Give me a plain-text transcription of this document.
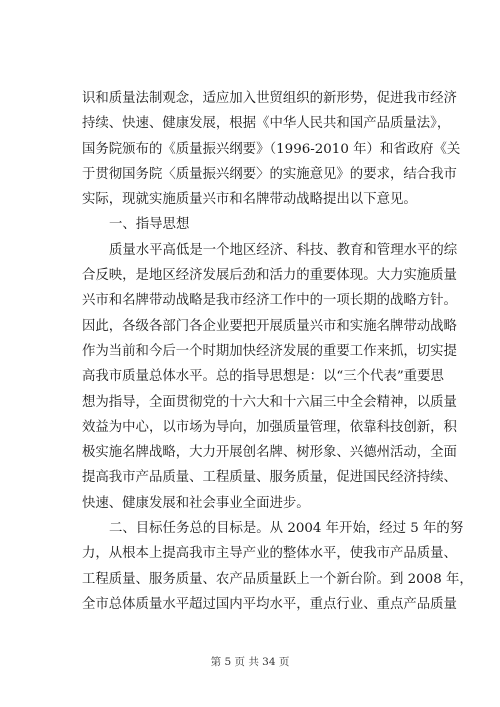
识和质量法制观念，适应加入世贸组织的新形势，促进我市经济
持续、快速、健康发展，根据《中华人民共和国产品质量法》，
国务院颁布的《质量振兴纲要》（1996-2010 年）和省政府《关
于贯彻国务院〈质量振兴纲要〉的实施意见》的要求，结合我市
实际，现就实施质量兴市和名牌带动战略提出以下意见。
一、指导思想
质量水平高低是一个地区经济、科技、教育和管理水平的综
合反映，是地区经济发展后劲和活力的重要体现。大力实施质量
兴市和名牌带动战略是我市经济工作中的一项长期的战略方针。
因此，各级各部门各企业要把开展质量兴市和实施名牌带动战略
作为当前和今后一个时期加快经济发展的重要工作来抓，切实提
高我市质量总体水平。总的指导思想是：以“三个代表”重要思
想为指导，全面贯彻党的十六大和十六届三中全会精神，以质量
效益为中心，以市场为导向，加强质量管理，依靠科技创新，积
极实施名牌战略，大力开展创名牌、树形象、兴德州活动，全面
提高我市产品质量、工程质量、服务质量，促进国民经济持续、
快速、健康发展和社会事业全面进步。
二、目标任务总的目标是。从 2004 年开始，经过 5 年的努
力，从根本上提高我市主导产业的整体水平，使我市产品质量、
工程质量、服务质量、农产品质量跃上一个新台阶。到 2008 年，
全市总体质量水平超过国内平均水平，重点行业、重点产品质量
第 5 页 共 34 页
